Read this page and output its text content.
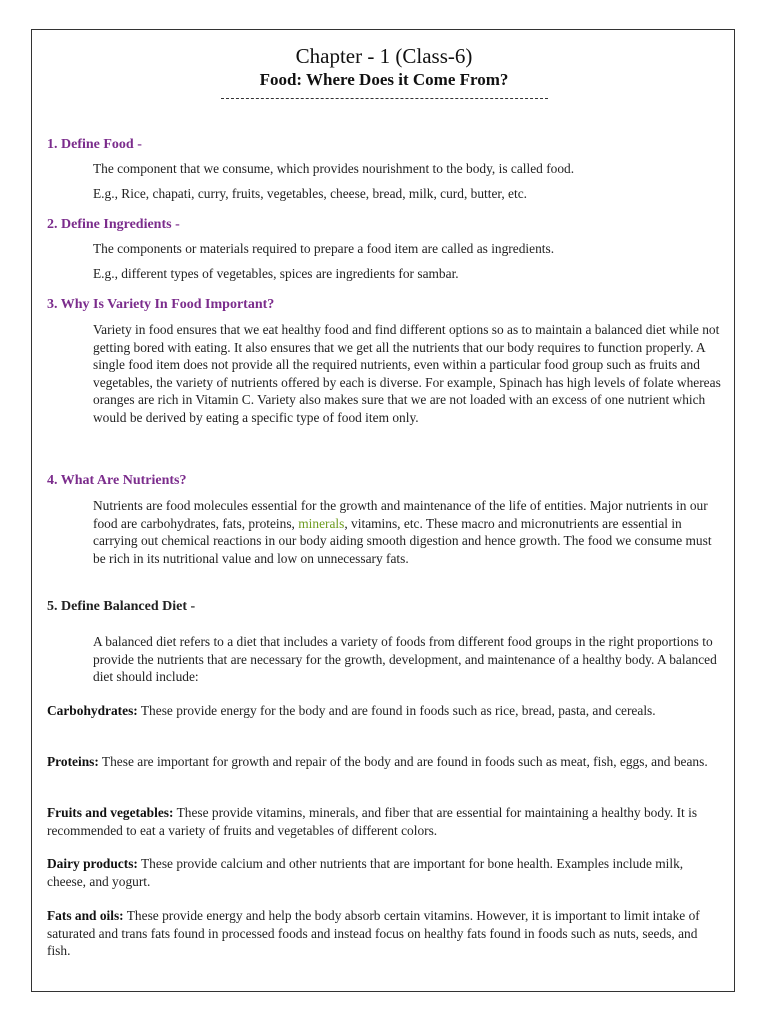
Chapter - 1 (Class-6)
Food: Where Does it Come From?
1. Define Food -
The component that we consume, which provides nourishment to the body, is called food.
E.g., Rice, chapati, curry, fruits, vegetables, cheese, bread, milk, curd, butter, etc.
2. Define Ingredients -
The components or materials required to prepare a food item are called as ingredients.
E.g., different types of vegetables, spices are ingredients for sambar.
3. Why Is Variety In Food Important?
Variety in food ensures that we eat healthy food and find different options so as to maintain a balanced diet while not getting bored with eating. It also ensures that we get all the nutrients that our body requires to function properly. A single food item does not provide all the required nutrients, even within a particular food group such as fruits and vegetables, the variety of nutrients offered by each is diverse. For example, Spinach has high levels of folate whereas oranges are rich in Vitamin C. Variety also makes sure that we are not loaded with an excess of one nutrient which would be derived by eating a specific type of food item only.
4. What Are Nutrients?
Nutrients are food molecules essential for the growth and maintenance of the life of entities. Major nutrients in our food are carbohydrates, fats, proteins, minerals, vitamins, etc. These macro and micronutrients are essential in carrying out chemical reactions in our body aiding smooth digestion and hence growth. The food we consume must be rich in its nutritional value and low on unnecessary fats.
5. Define Balanced Diet -
A balanced diet refers to a diet that includes a variety of foods from different food groups in the right proportions to provide the nutrients that are necessary for the growth, development, and maintenance of a healthy body. A balanced diet should include:
Carbohydrates: These provide energy for the body and are found in foods such as rice, bread, pasta, and cereals.
Proteins: These are important for growth and repair of the body and are found in foods such as meat, fish, eggs, and beans.
Fruits and vegetables: These provide vitamins, minerals, and fiber that are essential for maintaining a healthy body. It is recommended to eat a variety of fruits and vegetables of different colors.
Dairy products: These provide calcium and other nutrients that are important for bone health. Examples include milk, cheese, and yogurt.
Fats and oils: These provide energy and help the body absorb certain vitamins. However, it is important to limit intake of saturated and trans fats found in processed foods and instead focus on healthy fats found in foods such as nuts, seeds, and fish.
